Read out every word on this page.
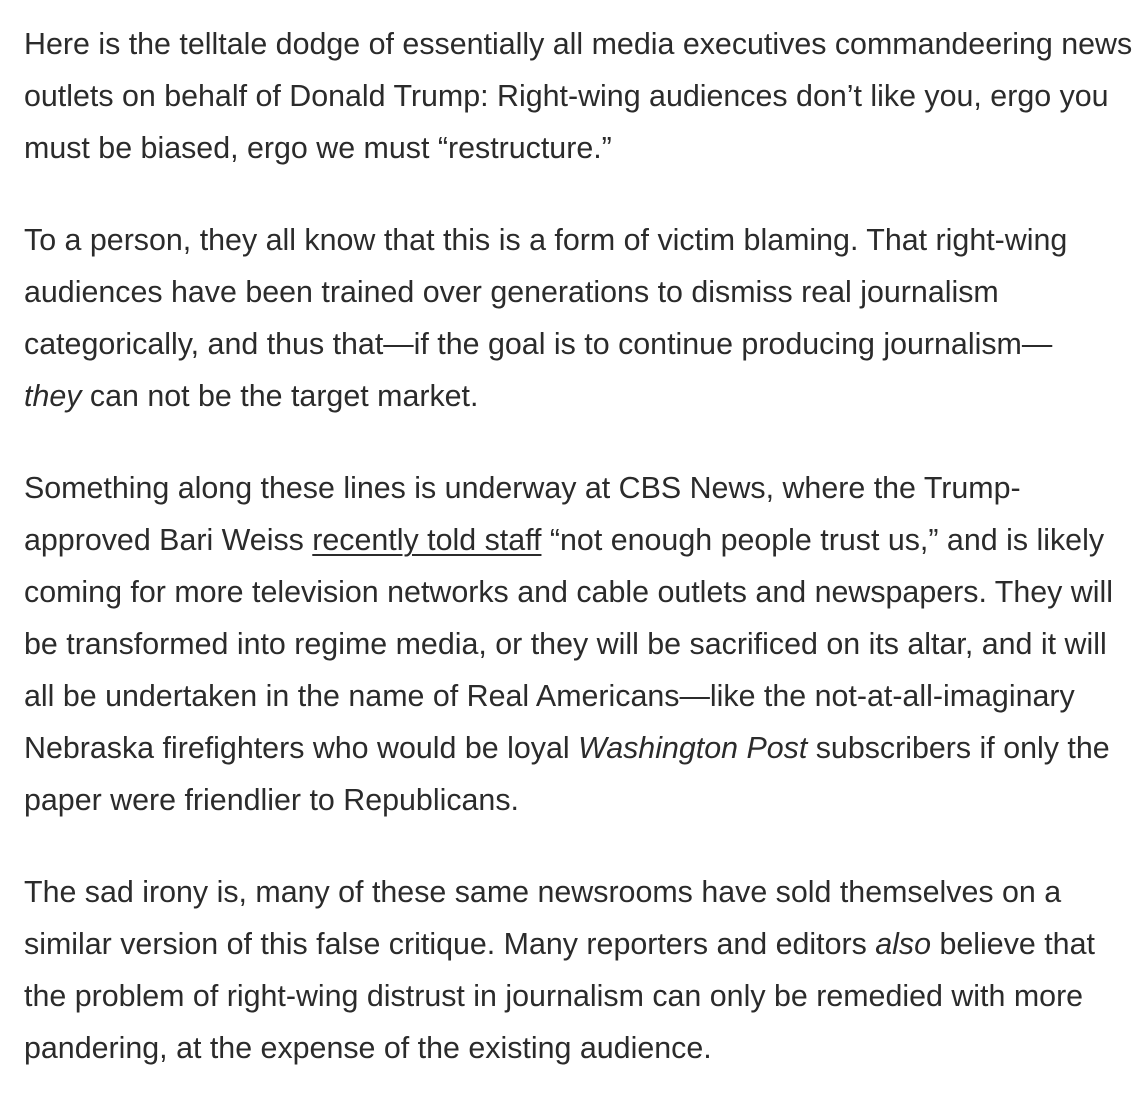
Here is the telltale dodge of essentially all media executives commandeering news outlets on behalf of Donald Trump: Right-wing audiences don’t like you, ergo you must be biased, ergo we must “restructure.”

To a person, they all know that this is a form of victim blaming. That right-wing audiences have been trained over generations to dismiss real journalism categorically, and thus that—if the goal is to continue producing journalism—
they can not be the target market.

Something along these lines is underway at CBS News, where the Trump-approved Bari Weiss recently told staff “not enough people trust us,” and is likely coming for more television networks and cable outlets and newspapers. They will be transformed into regime media, or they will be sacrificed on its altar, and it will all be undertaken in the name of Real Americans—like the not-at-all-imaginary Nebraska firefighters who would be loyal Washington Post subscribers if only the paper were friendlier to Republicans.

The sad irony is, many of these same newsrooms have sold themselves on a similar version of this false critique. Many reporters and editors also believe that the problem of right-wing distrust in journalism can only be remedied with more pandering, at the expense of the existing audience.
